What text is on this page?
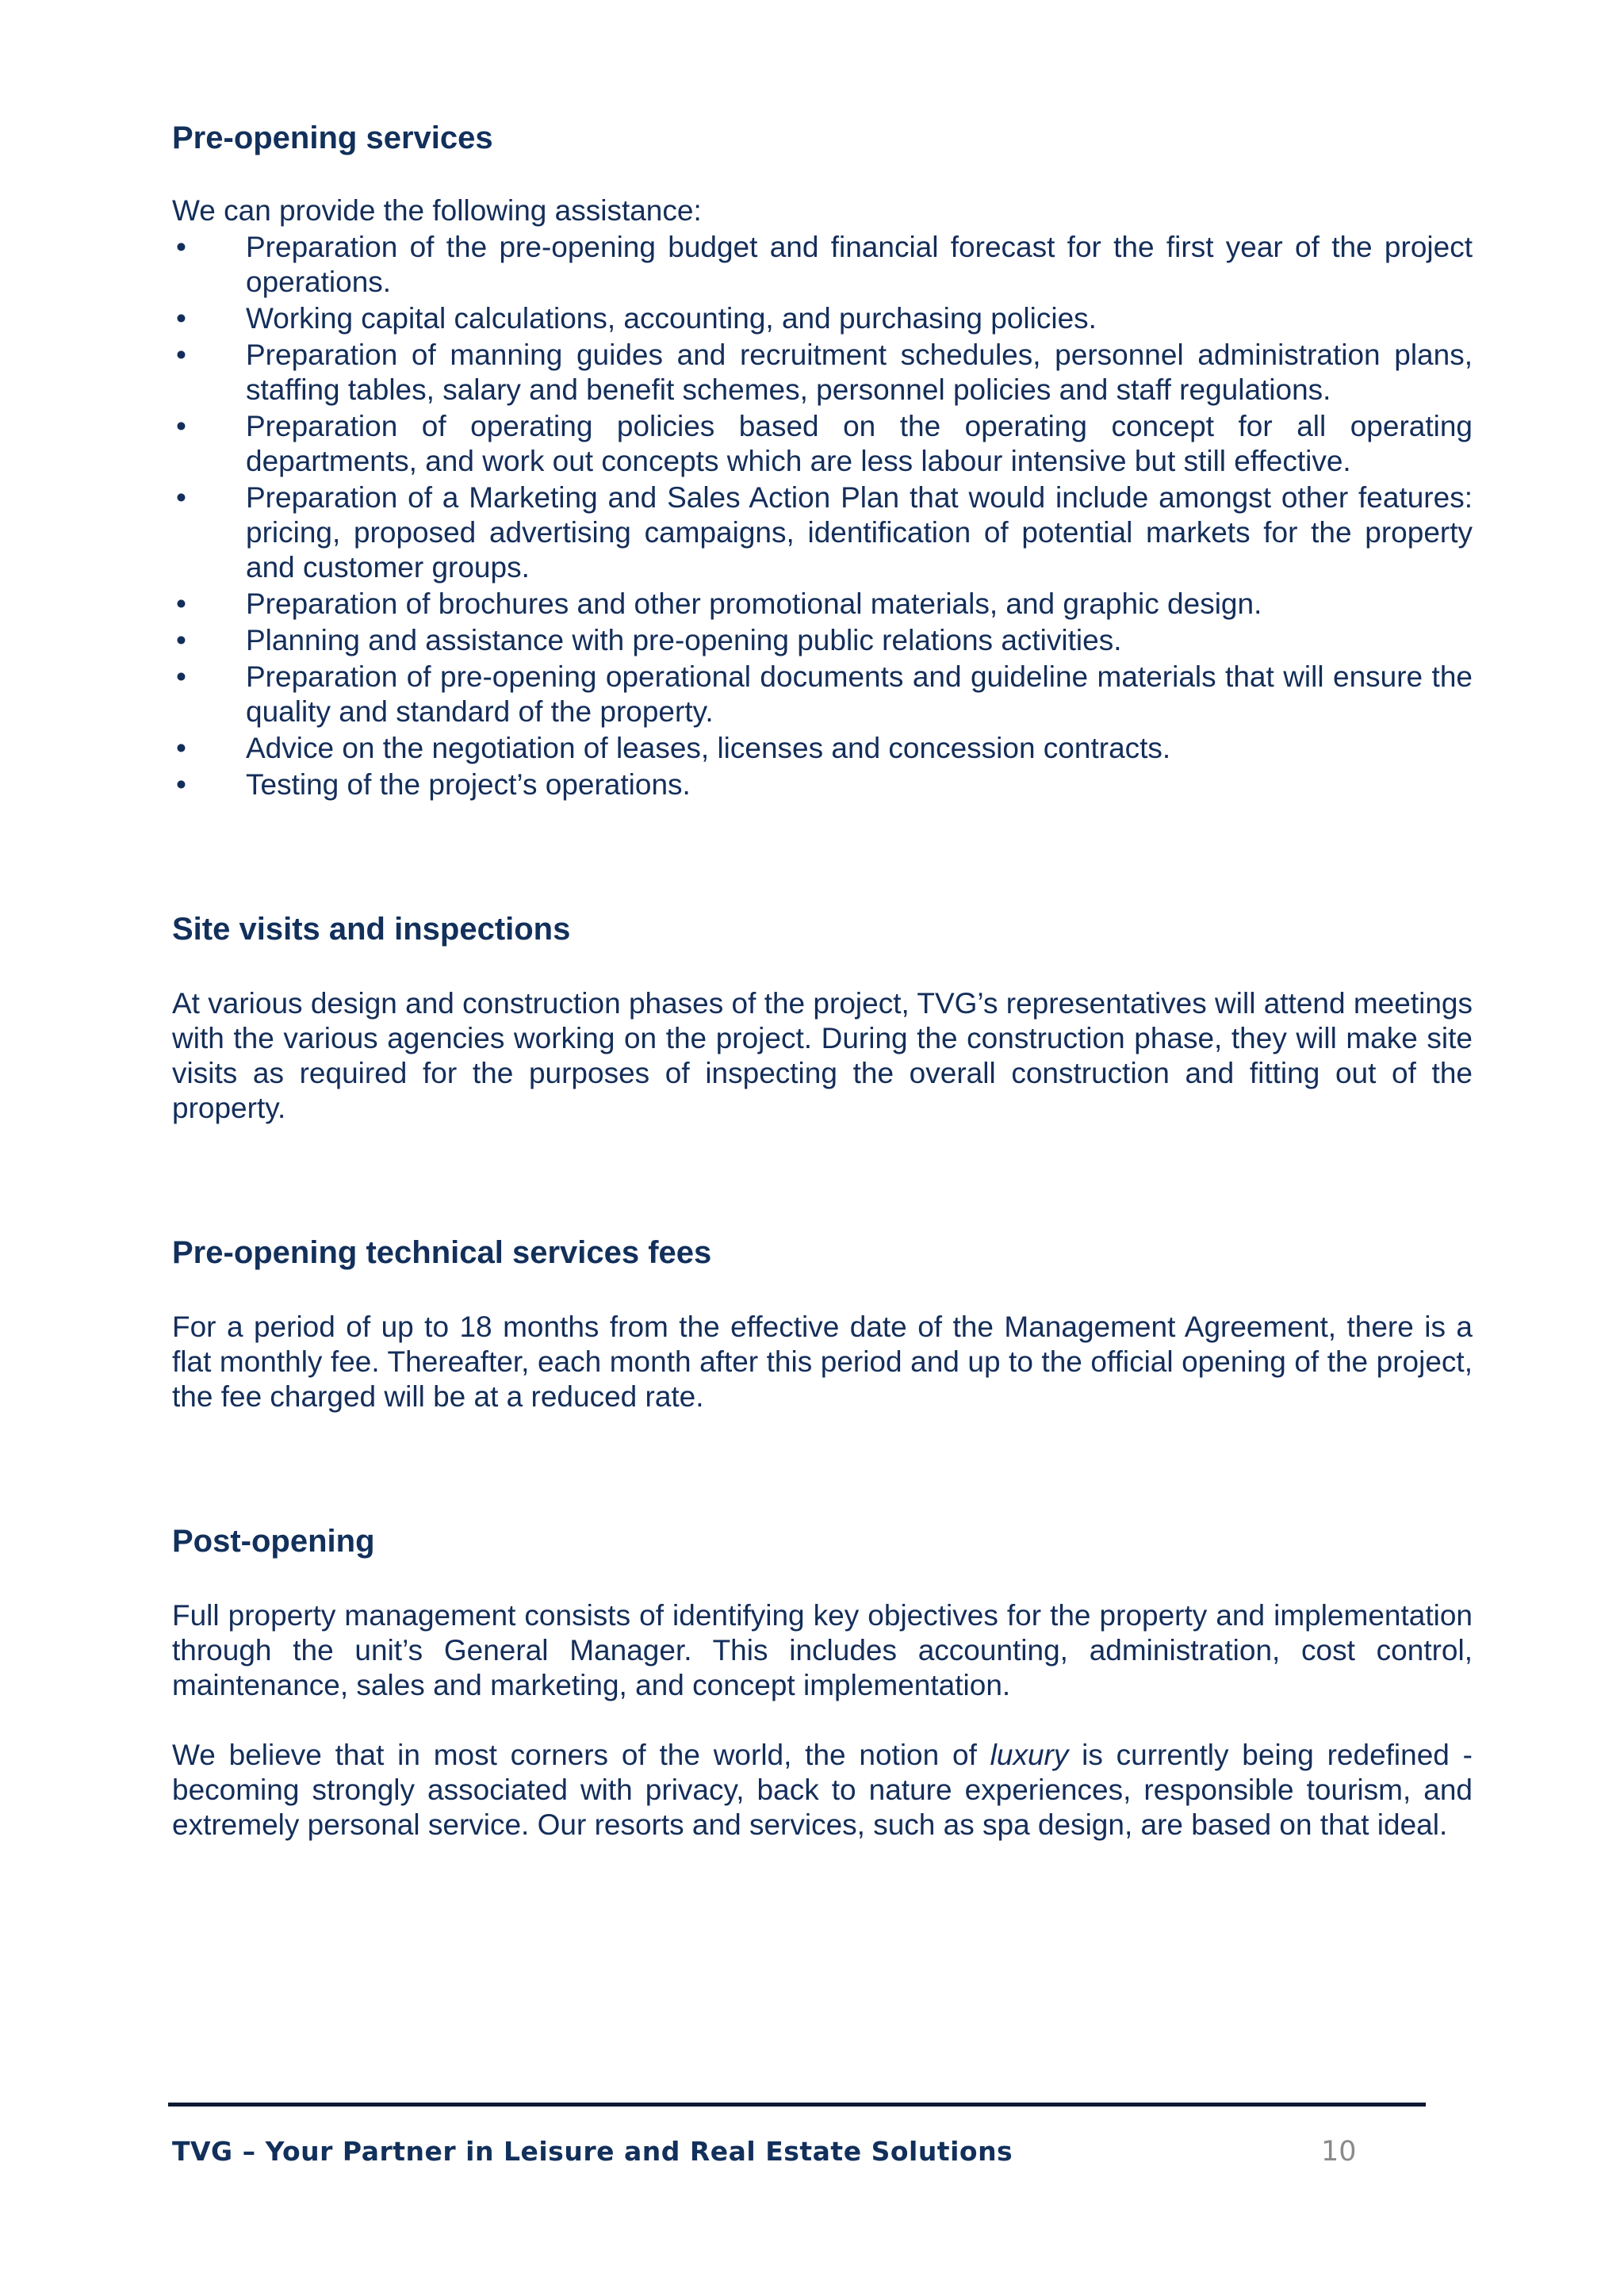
Pre-opening services

We can provide the following assistance:

• Preparation of the pre-opening budget and financial forecast for the first year of the project operations.
• Working capital calculations, accounting, and purchasing policies.
• Preparation of manning guides and recruitment schedules, personnel administration plans, staffing tables, salary and benefit schemes, personnel policies and staff regulations.
• Preparation of operating policies based on the operating concept for all operating departments, and work out concepts which are less labour intensive but still effective.
• Preparation of a Marketing and Sales Action Plan that would include amongst other features: pricing, proposed advertising campaigns, identification of potential markets for the property and customer groups.
• Preparation of brochures and other promotional materials, and graphic design.
• Planning and assistance with pre-opening public relations activities.
• Preparation of pre-opening operational documents and guideline materials that will ensure the quality and standard of the property.
• Advice on the negotiation of leases, licenses and concession contracts.
• Testing of the project’s operations.
Site visits and inspections

At various design and construction phases of the project, TVG’s representatives will attend meetings with the various agencies working on the project. During the construction phase, they will make site visits as required for the purposes of inspecting the overall construction and fitting out of the property.

Pre-opening technical services fees

For a period of up to 18 months from the effective date of the Management Agreement, there is a flat monthly fee. Thereafter, each month after this period and up to the official opening of the project, the fee charged will be at a reduced rate.

Post-opening

Full property management consists of identifying key objectives for the property and implementation through the unit’s General Manager. This includes accounting, administration, cost control, maintenance, sales and marketing, and concept implementation.

We believe that in most corners of the world, the notion of luxury is currently being redefined - becoming strongly associated with privacy, back to nature experiences, responsible tourism, and extremely personal service. Our resorts and services, such as spa design, are based on that ideal.

TVG – Your Partner in Leisure and Real Estate Solutions	10
